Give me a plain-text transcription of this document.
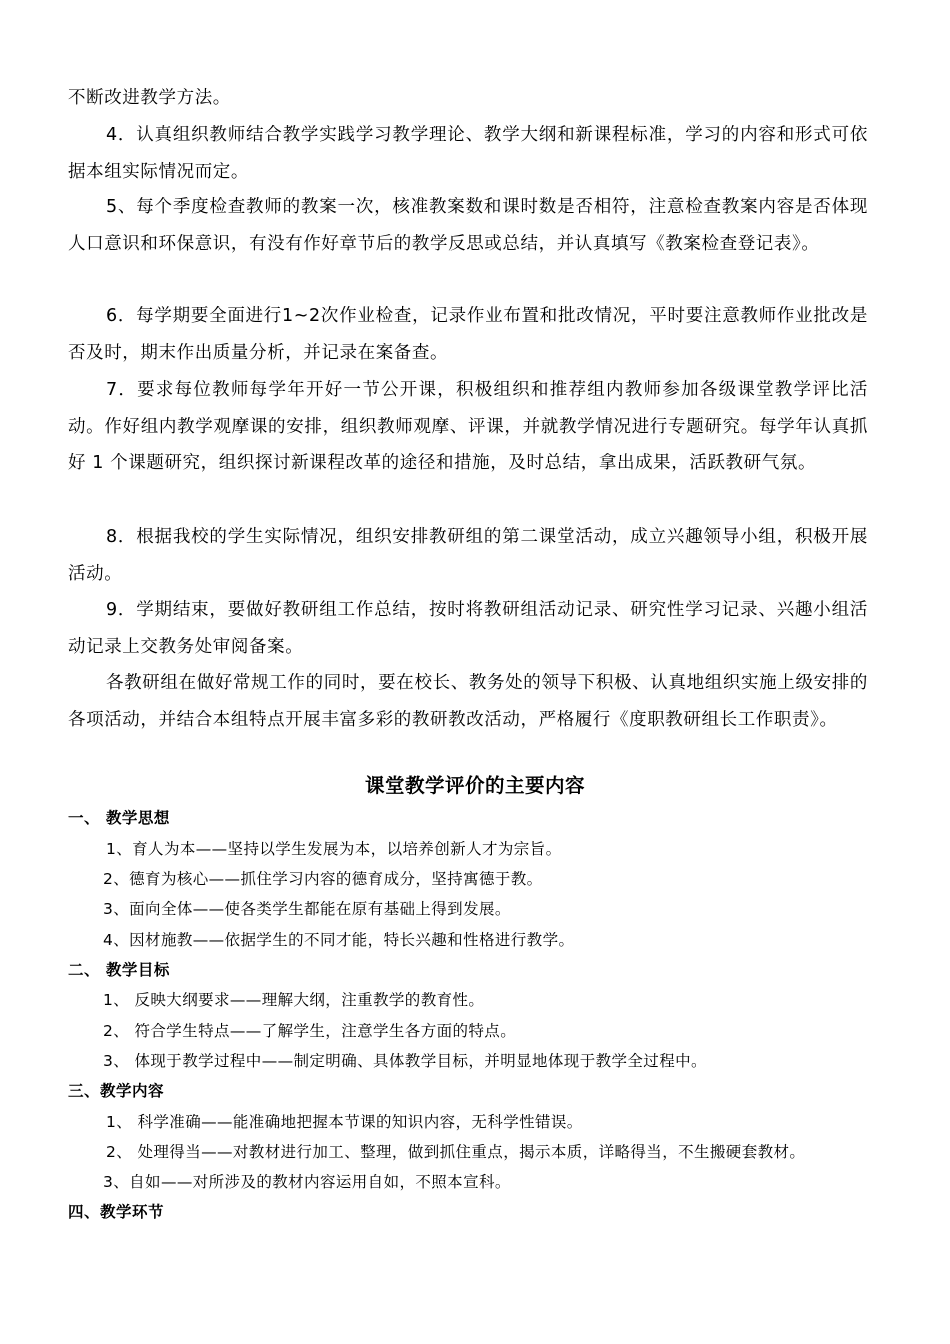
不断改进教学方法。

4．认真组织教师结合教学实践学习教学理论、教学大纲和新课程标准，学习的内容和形式可依据本组实际情况而定。

5、每个季度检查教师的教案一次，核准教案数和课时数是否相符，注意检查教案内容是否体现人口意识和环保意识，有没有作好章节后的教学反思或总结，并认真填写《教案检查登记表》。

6．每学期要全面进行1~2次作业检查，记录作业布置和批改情况，平时要注意教师作业批改是否及时，期末作出质量分析，并记录在案备查。

7．要求每位教师每学年开好一节公开课，积极组织和推荐组内教师参加各级课堂教学评比活动。作好组内教学观摩课的安排，组织教师观摩、评课，并就教学情况进行专题研究。每学年认真抓好 1 个课题研究，组织探讨新课程改革的途径和措施，及时总结，拿出成果，活跃教研气氛。

8．根据我校的学生实际情况，组织安排教研组的第二课堂活动，成立兴趣领导小组，积极开展活动。

9．学期结束，要做好教研组工作总结，按时将教研组活动记录、研究性学习记录、兴趣小组活动记录上交教务处审阅备案。

各教研组在做好常规工作的同时，要在校长、教务处的领导下积极、认真地组织实施上级安排的各项活动，并结合本组特点开展丰富多彩的教研教改活动，严格履行《度职教研组长工作职责》。

课堂教学评价的主要内容
一、 教学思想
1、育人为本——坚持以学生发展为本，以培养创新人才为宗旨。
2、德育为核心——抓住学习内容的德育成分，坚持寓德于教。
3、面向全体——使各类学生都能在原有基础上得到发展。
4、因材施教——依据学生的不同才能，特长兴趣和性格进行教学。
二、 教学目标
1、 反映大纲要求——理解大纲，注重教学的教育性。
2、 符合学生特点——了解学生，注意学生各方面的特点。
3、 体现于教学过程中——制定明确、具体教学目标，并明显地体现于教学全过程中。
三、教学内容
1、 科学准确——能准确地把握本节课的知识内容，无科学性错误。
2、 处理得当——对教材进行加工、整理，做到抓住重点，揭示本质，详略得当，不生搬硬套教材。
3、自如——对所涉及的教材内容运用自如，不照本宣科。
四、教学环节
